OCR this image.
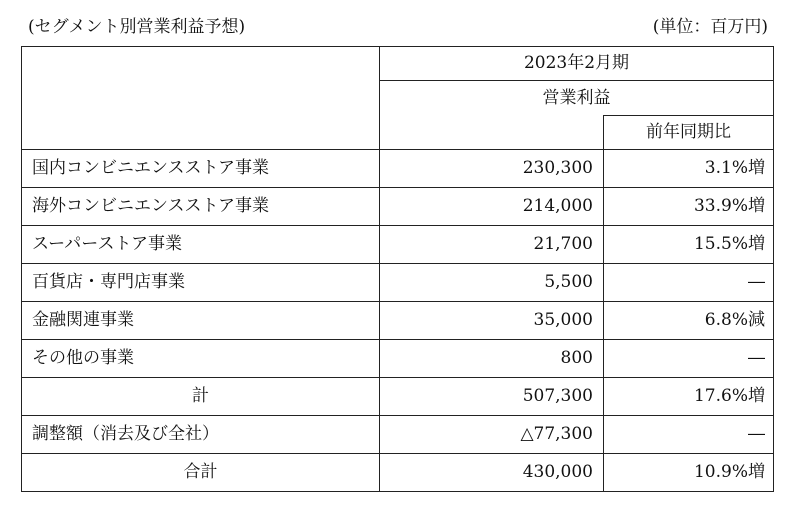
(セグメント別営業利益予想)	(単位：百万円)
	2023年2月期	
	営業利益	
		前年同期比
国内コンビニエンスストア事業	230,300	3.1%増
海外コンビニエンスストア事業	214,000	33.9%増
スーパーストア事業	21,700	15.5%増
百貨店・専門店事業	5,500	―
金融関連事業	35,000	6.8%減
その他の事業	800	―
計	507,300	17.6%増
調整額（消去及び全社）	△77,300	―
合計	430,000	10.9%増
